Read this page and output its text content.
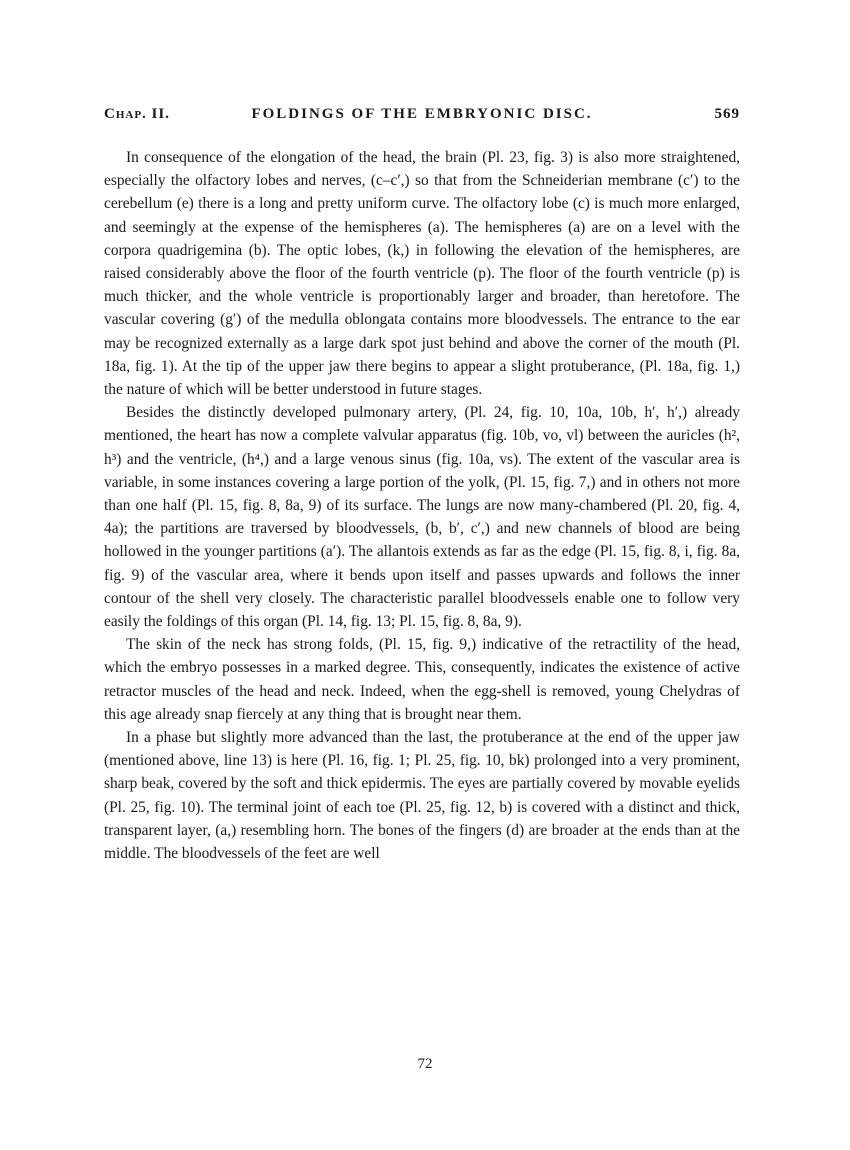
FOLDINGS OF THE EMBRYONIC DISC.
Chap. II.	569

In consequence of the elongation of the head, the brain (Pl. 23, fig. 3) is also more straightened, especially the olfactory lobes and nerves, (c–c′,) so that from the Schneiderian membrane (c′) to the cerebellum (e) there is a long and pretty uniform curve. The olfactory lobe (c) is much more enlarged, and seemingly at the expense of the hemispheres (a). The hemispheres (a) are on a level with the corpora quadrigemina (b). The optic lobes, (k,) in following the elevation of the hemispheres, are raised considerably above the floor of the fourth ventricle (p). The floor of the fourth ventricle (p) is much thicker, and the whole ventricle is proportionably larger and broader, than heretofore. The vascular covering (g′) of the medulla oblongata contains more bloodvessels. The entrance to the ear may be recognized externally as a large dark spot just behind and above the corner of the mouth (Pl. 18a, fig. 1). At the tip of the upper jaw there begins to appear a slight protuberance, (Pl. 18a, fig. 1,) the nature of which will be better understood in future stages.

Besides the distinctly developed pulmonary artery, (Pl. 24, fig. 10, 10a, 10b, h′, h′,) already mentioned, the heart has now a complete valvular apparatus (fig. 10b, vo, vl) between the auricles (h², h³) and the ventricle, (h⁴,) and a large venous sinus (fig. 10a, vs). The extent of the vascular area is variable, in some instances covering a large portion of the yolk, (Pl. 15, fig. 7,) and in others not more than one half (Pl. 15, fig. 8, 8a, 9) of its surface. The lungs are now many-chambered (Pl. 20, fig. 4, 4a); the partitions are traversed by bloodvessels, (b, b′, c′,) and new channels of blood are being hollowed in the younger partitions (a′). The allantois extends as far as the edge (Pl. 15, fig. 8, i, fig. 8a, fig. 9) of the vascular area, where it bends upon itself and passes upwards and follows the inner contour of the shell very closely. The characteristic parallel bloodvessels enable one to follow very easily the foldings of this organ (Pl. 14, fig. 13; Pl. 15, fig. 8, 8a, 9).

The skin of the neck has strong folds, (Pl. 15, fig. 9,) indicative of the retractility of the head, which the embryo possesses in a marked degree. This, consequently, indicates the existence of active retractor muscles of the head and neck. Indeed, when the egg-shell is removed, young Chelydras of this age already snap fiercely at any thing that is brought near them.

In a phase but slightly more advanced than the last, the protuberance at the end of the upper jaw (mentioned above, line 13) is here (Pl. 16, fig. 1; Pl. 25, fig. 10, bk) prolonged into a very prominent, sharp beak, covered by the soft and thick epidermis. The eyes are partially covered by movable eyelids (Pl. 25, fig. 10). The terminal joint of each toe (Pl. 25, fig. 12, b) is covered with a distinct and thick, transparent layer, (a,) resembling horn. The bones of the fingers (d) are broader at the ends than at the middle. The bloodvessels of the feet are well

72
